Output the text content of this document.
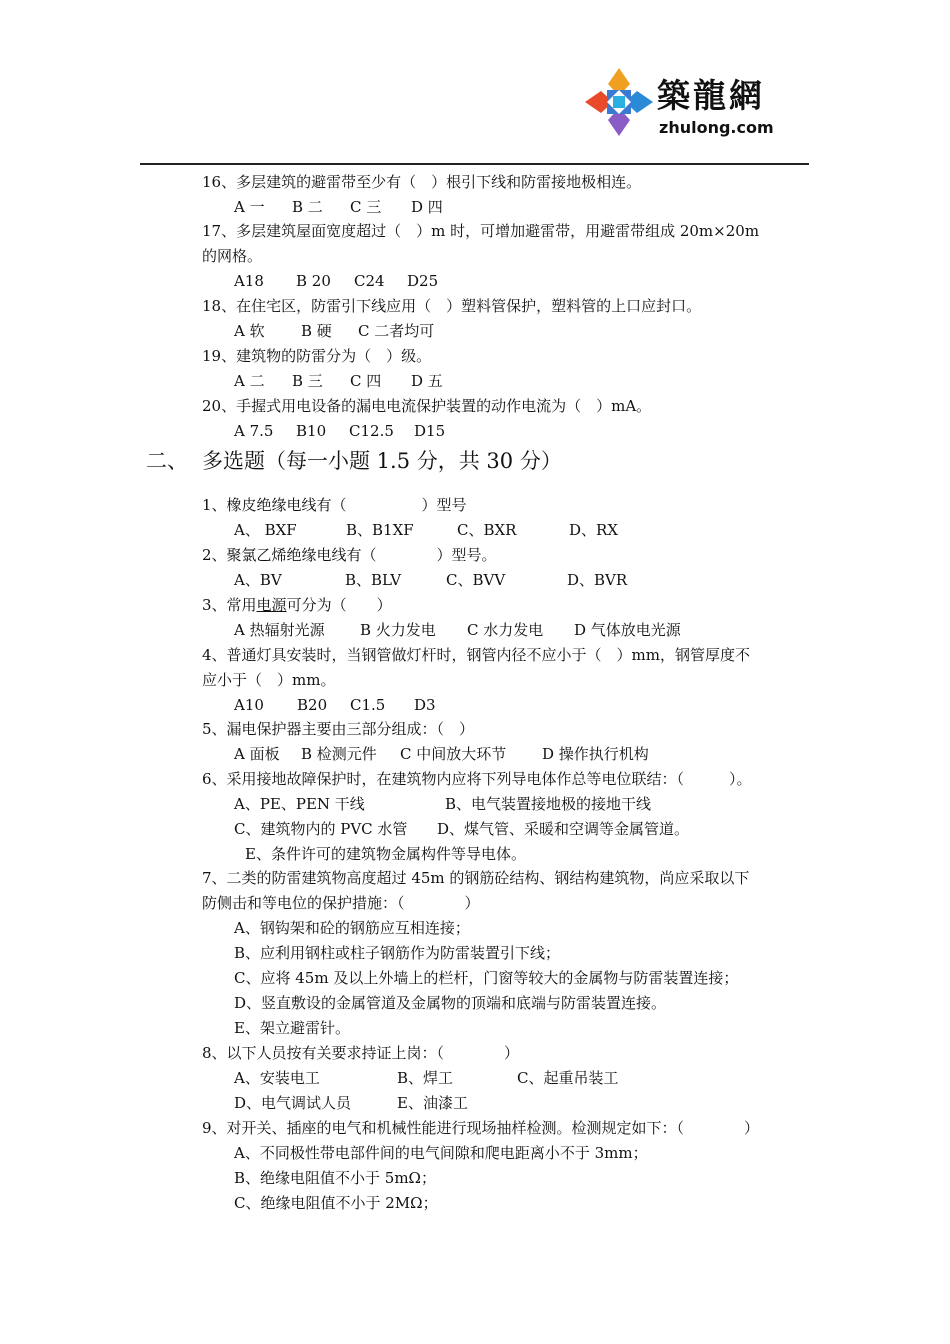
築龍網
zhulong.com
16、多层建筑的避雷带至少有（　）根引下线和防雷接地极相连。
A 一 B 二 C 三 D 四
17、多层建筑屋面宽度超过（　）m 时，可增加避雷带，用避雷带组成 20m×20m
的网格。
A18 B 20 C24 D25
18、在住宅区，防雷引下线应用（　）塑料管保护，塑料管的上口应封口。
A 软 B 硬 C 二者均可
19、建筑物的防雷分为（　）级。
A 二 B 三 C 四 D 五
20、手握式用电设备的漏电电流保护装置的动作电流为（　）mA。
A 7.5 B10 C12.5 D15
二、 多选题（每一小题 1.5 分，共 30 分）
1、橡皮绝缘电线有（　　　　　）型号
A、 BXF	B、B1XF	C、BXR	D、RX
2、聚氯乙烯绝缘电线有（　　　　）型号。
A、BV	B、BLV	C、BVV	D、BVR
3、常用电源可分为（　　）
A 热辐射光源 B 火力发电 C 水力发电 D 气体放电光源
4、普通灯具安装时，当钢管做灯杆时，钢管内径不应小于（　）mm，钢管厚度不
应小于（　）mm。
A10 B20 C1.5 D3
5、漏电保护器主要由三部分组成：（　）
A 面板 B 检测元件 C 中间放大环节 D 操作执行机构
6、采用接地故障保护时，在建筑物内应将下列导电体作总等电位联结：（　　　）。
A、PE、PEN 干线	B、电气装置接地极的接地干线
C、建筑物内的 PVC 水管 D、煤气管、采暖和空调等金属管道。
E、条件许可的建筑物金属构件等导电体。
7、二类的防雷建筑物高度超过 45m 的钢筋砼结构、钢结构建筑物，尚应采取以下
防侧击和等电位的保护措施：（　　　　）
A、钢钩架和砼的钢筋应互相连接；
B、应利用钢柱或柱子钢筋作为防雷装置引下线；
C、应将 45m 及以上外墙上的栏杆，门窗等较大的金属物与防雷装置连接；
D、竖直敷设的金属管道及金属物的顶端和底端与防雷装置连接。
E、架立避雷针。
8、以下人员按有关要求持证上岗：（　　　　）
A、安装电工	B、焊工	C、起重吊装工
D、电气调试人员	E、油漆工
9、对开关、插座的电气和机械性能进行现场抽样检测。检测规定如下：（　　　　）
A、不同极性带电部件间的电气间隙和爬电距离小不于 3mm；
B、绝缘电阻值不小于 5mΩ；
C、绝缘电阻值不小于 2MΩ；
